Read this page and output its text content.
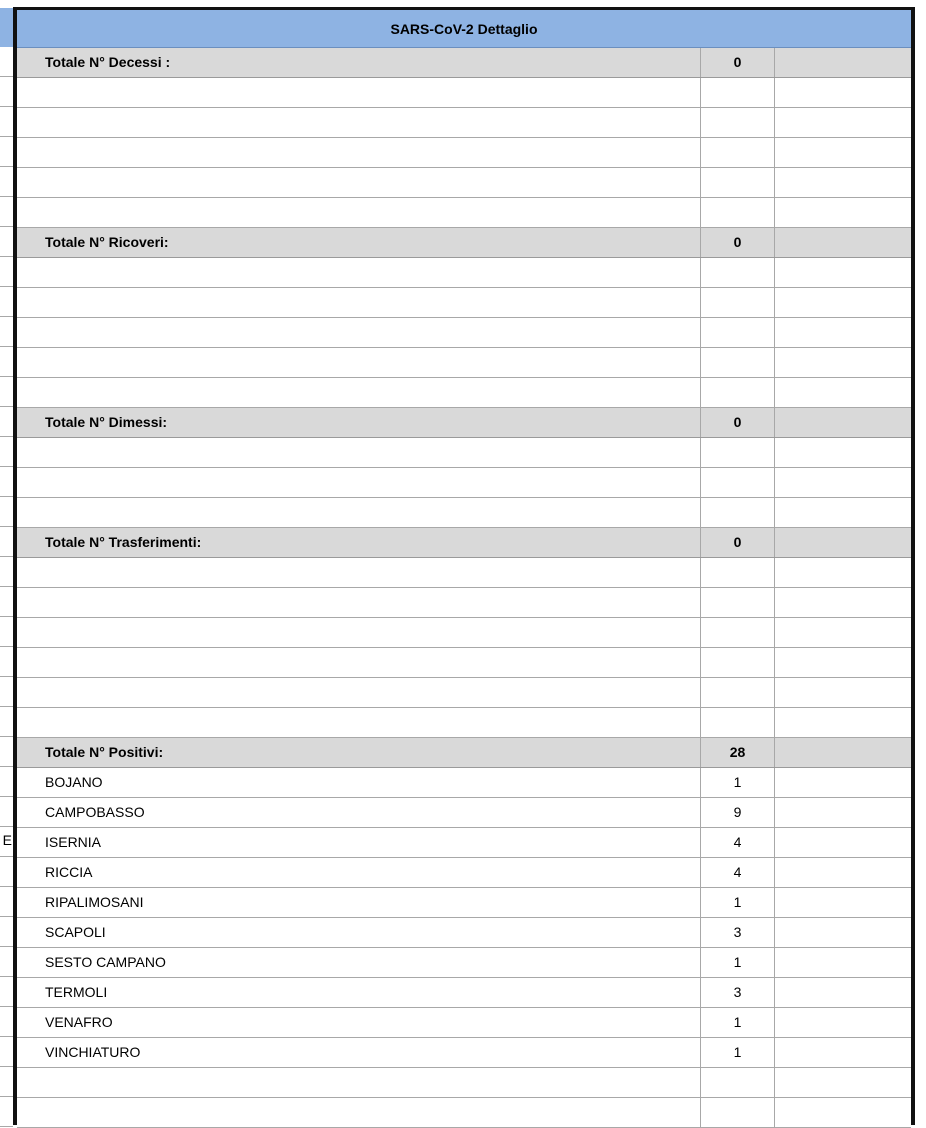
E
SARS-CoV-2 Dettaglio
Totale N° Decessi :	0
Totale N° Ricoveri:	0
Totale N° Dimessi:	0
Totale N° Trasferimenti:	0
Totale N° Positivi:	28
BOJANO	1
CAMPOBASSO	9
ISERNIA	4
RICCIA	4
RIPALIMOSANI	1
SCAPOLI	3
SESTO CAMPANO	1
TERMOLI	3
VENAFRO	1
VINCHIATURO	1
